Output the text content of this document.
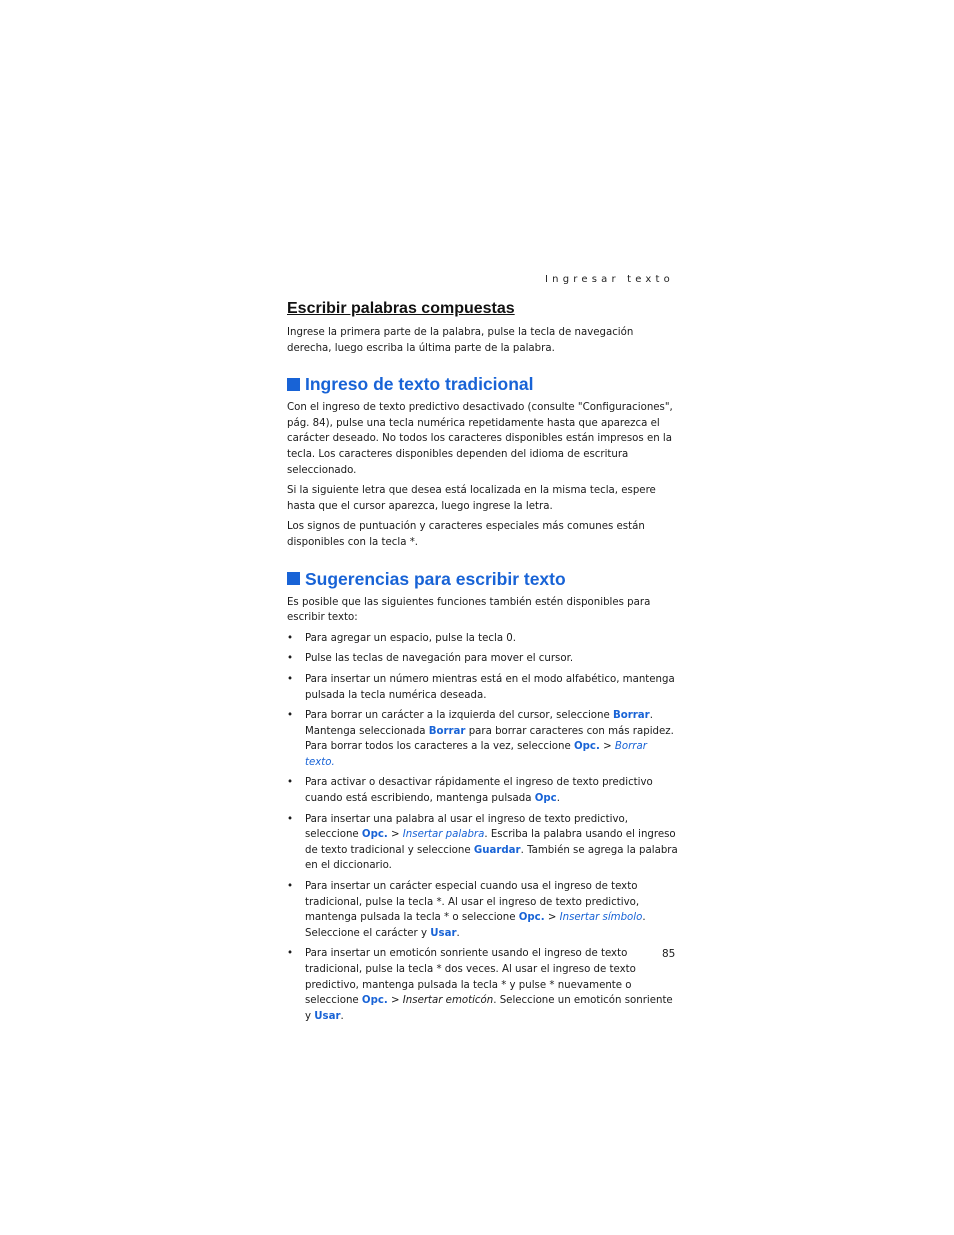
Ingresar texto
Escribir palabras compuestas

Ingrese la primera parte de la palabra, pulse la tecla de navegación derecha, luego escriba la última parte de la palabra.

Ingreso de texto tradicional

Con el ingreso de texto predictivo desactivado (consulte "Configuraciones", pág. 84), pulse una tecla numérica repetidamente hasta que aparezca el carácter deseado. No todos los caracteres disponibles están impresos en la tecla. Los caracteres disponibles dependen del idioma de escritura seleccionado.

Si la siguiente letra que desea está localizada en la misma tecla, espere hasta que el cursor aparezca, luego ingrese la letra.

Los signos de puntuación y caracteres especiales más comunes están disponibles con la tecla *.

Sugerencias para escribir texto

Es posible que las siguientes funciones también estén disponibles para escribir texto:

• Para agregar un espacio, pulse la tecla 0.
• Pulse las teclas de navegación para mover el cursor.
• Para insertar un número mientras está en el modo alfabético, mantenga pulsada la tecla numérica deseada.
• Para borrar un carácter a la izquierda del cursor, seleccione Borrar. Mantenga seleccionada Borrar para borrar caracteres con más rapidez. Para borrar todos los caracteres a la vez, seleccione Opc. > Borrar texto.
• Para activar o desactivar rápidamente el ingreso de texto predictivo cuando está escribiendo, mantenga pulsada Opc.
• Para insertar una palabra al usar el ingreso de texto predictivo, seleccione Opc. > Insertar palabra. Escriba la palabra usando el ingreso de texto tradicional y seleccione Guardar. También se agrega la palabra en el diccionario.
• Para insertar un carácter especial cuando usa el ingreso de texto tradicional, pulse la tecla *. Al usar el ingreso de texto predictivo, mantenga pulsada la tecla * o seleccione Opc. > Insertar símbolo. Seleccione el carácter y Usar.
• Para insertar un emoticón sonriente usando el ingreso de texto tradicional, pulse la tecla * dos veces. Al usar el ingreso de texto predictivo, mantenga pulsada la tecla * y pulse * nuevamente o seleccione Opc. > Insertar emoticón. Seleccione un emoticón sonriente y Usar.
85
